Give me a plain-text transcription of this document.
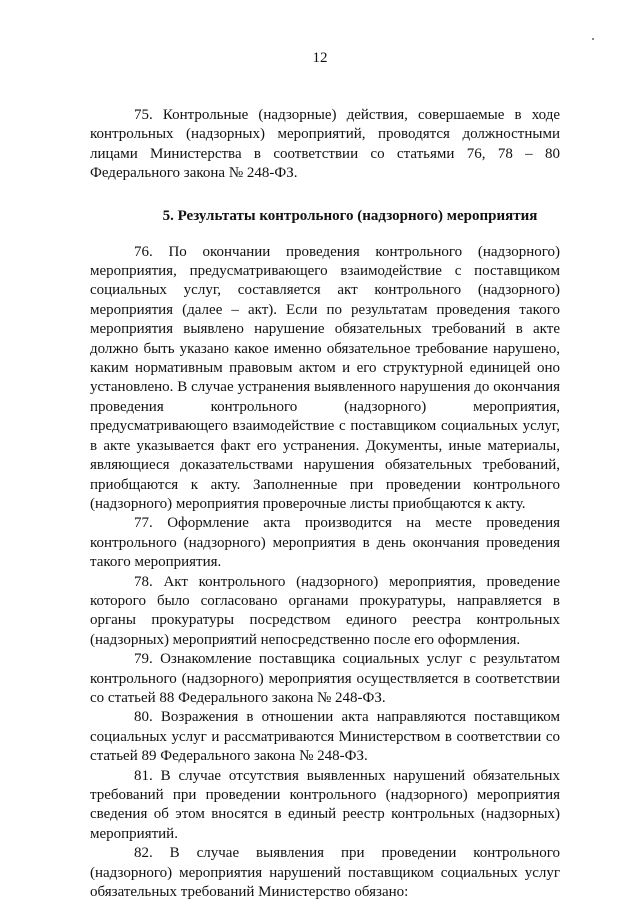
12

75. Контрольные (надзорные) действия, совершаемые в ходе контрольных (надзорных) мероприятий, проводятся должностными лицами Министерства в соответствии со статьями 76, 78 – 80 Федерального закона № 248-ФЗ.

5. Результаты контрольного (надзорного) мероприятия

76. По окончании проведения контрольного (надзорного) мероприятия, предусматривающего взаимодействие с поставщиком социальных услуг, составляется акт контрольного (надзорного) мероприятия (далее – акт). Если по результатам проведения такого мероприятия выявлено нарушение обязательных требований в акте должно быть указано какое именно обязательное требование нарушено, каким нормативным правовым актом и его структурной единицей оно установлено. В случае устранения выявленного нарушения до окончания проведения контрольного (надзорного) мероприятия, предусматривающего взаимодействие с поставщиком социальных услуг, в акте указывается факт его устранения. Документы, иные материалы, являющиеся доказательствами нарушения обязательных требований, приобщаются к акту. Заполненные при проведении контрольного (надзорного) мероприятия проверочные листы приобщаются к акту.

77. Оформление акта производится на месте проведения контрольного (надзорного) мероприятия в день окончания проведения такого мероприятия.

78. Акт контрольного (надзорного) мероприятия, проведение которого было согласовано органами прокуратуры, направляется в органы прокуратуры посредством единого реестра контрольных (надзорных) мероприятий непосредственно после его оформления.

79. Ознакомление поставщика социальных услуг с результатом контрольного (надзорного) мероприятия осуществляется в соответствии со статьей 88 Федерального закона № 248-ФЗ.

80. Возражения в отношении акта направляются поставщиком социальных услуг и рассматриваются Министерством в соответствии со статьей 89 Федерального закона № 248-ФЗ.

81. В случае отсутствия выявленных нарушений обязательных требований при проведении контрольного (надзорного) мероприятия сведения об этом вносятся в единый реестр контрольных (надзорных) мероприятий.

82. В случае выявления при проведении контрольного (надзорного) мероприятия нарушений поставщиком социальных услуг обязательных требований Министерство обязано:
